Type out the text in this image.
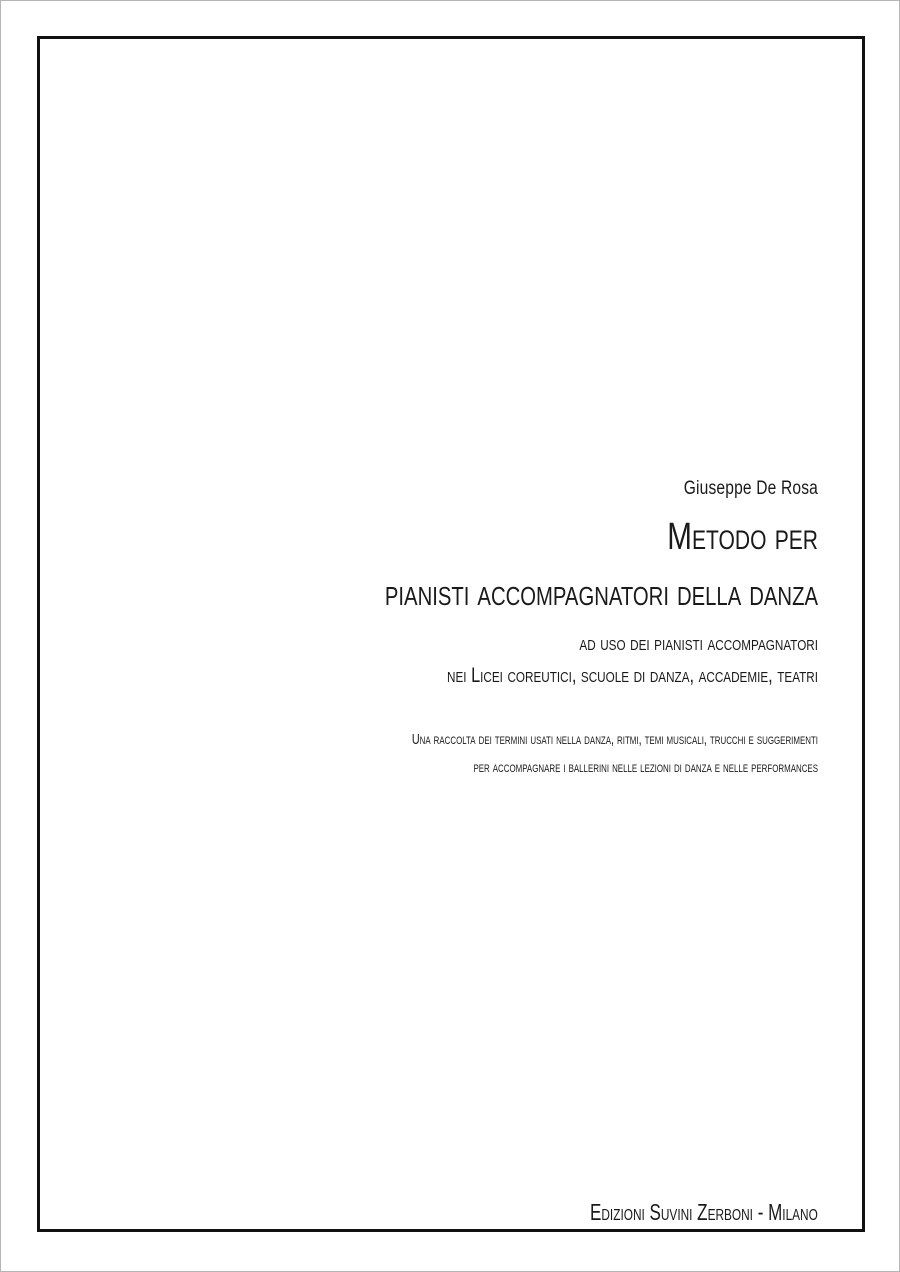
Giuseppe De Rosa
Metodo per
pianisti accompagnatori della danza
ad uso dei pianisti accompagnatori
nei Licei coreutici, scuole di danza, accademie, teatri
Una raccolta dei termini usati nella danza, ritmi, temi musicali, trucchi e suggerimenti
per accompagnare i ballerini nelle lezioni di danza e nelle performances
Edizioni Suvini Zerboni - Milano
